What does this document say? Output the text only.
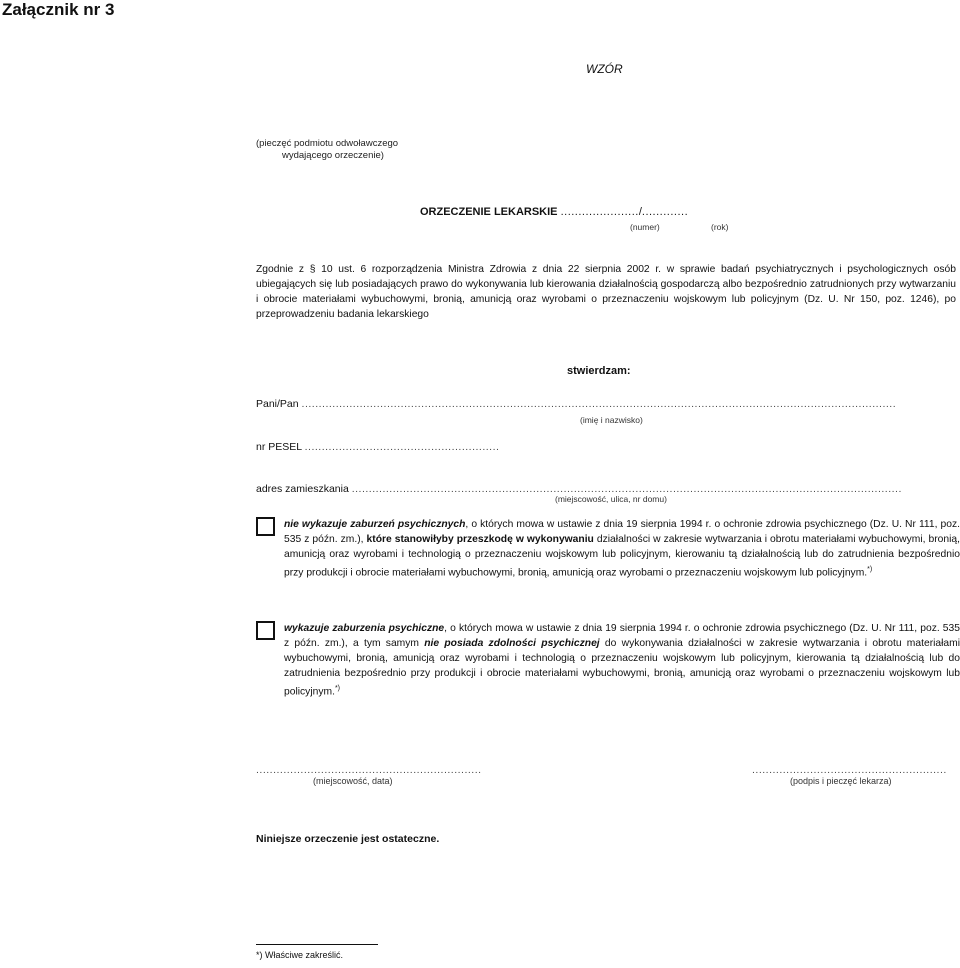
Załącznik nr 3
WZÓR
(pieczęć podmiotu odwoławczego
wydającego orzeczenie)
ORZECZENIE LEKARSKIE ....................../.............
(numer)	(rok)
Zgodnie z § 10 ust. 6 rozporządzenia Ministra Zdrowia z dnia 22 sierpnia 2002 r. w sprawie badań psychiatrycznych i psychologicznych osób ubiegających się lub posiadających prawo do wykonywania lub kierowania działalnością gospodarczą albo bezpośrednio zatrudnionych przy wytwarzaniu i obrocie materiałami wybuchowymi, bronią, amunicją oraz wyrobami o przeznaczeniu wojskowym lub policyjnym (Dz. U. Nr 150, poz. 1246), po przeprowadzeniu badania lekarskiego
stwierdzam:
Pani/Pan ..............................................................................................................................................................................
(imię i nazwisko)
nr PESEL .........................................................
adres zamieszkania .................................................................................................................................................................
(miejscowość, ulica, nr domu)
nie wykazuje zaburzeń psychicznych, o których mowa w ustawie z dnia 19 sierpnia 1994 r. o ochronie zdrowia psychicznego (Dz. U. Nr 111, poz. 535 z późn. zm.), które stanowiłyby przeszkodę w wykonywaniu działalności w zakresie wytwarzania i obrotu materiałami wybuchowymi, bronią, amunicją oraz wyrobami i technologią o przeznaczeniu wojskowym lub policyjnym, kierowaniu tą działalnością lub do zatrudnienia bezpośrednio przy produkcji i obrocie materiałami wybuchowymi, bronią, amunicją oraz wyrobami o przeznaczeniu wojskowym lub policyjnym.*)
wykazuje zaburzenia psychiczne, o których mowa w ustawie z dnia 19 sierpnia 1994 r. o ochronie zdrowia psychicznego (Dz. U. Nr 111, poz. 535 z późn. zm.), a tym samym nie posiada zdolności psychicznej do wykonywania działalności w zakresie wytwarzania i obrotu materiałami wybuchowymi, bronią, amunicją oraz wyrobami i technologią o przeznaczeniu wojskowym lub policyjnym, kierowania tą działalnością lub do zatrudnienia bezpośrednio przy produkcji i obrocie materiałami wybuchowymi, bronią, amunicją oraz wyrobami o przeznaczeniu wojskowym lub policyjnym.*)
..................................................................
(miejscowość, data)
.........................................................
(podpis i pieczęć lekarza)
Niniejsze orzeczenie jest ostateczne.
*) Właściwe zakreślić.
